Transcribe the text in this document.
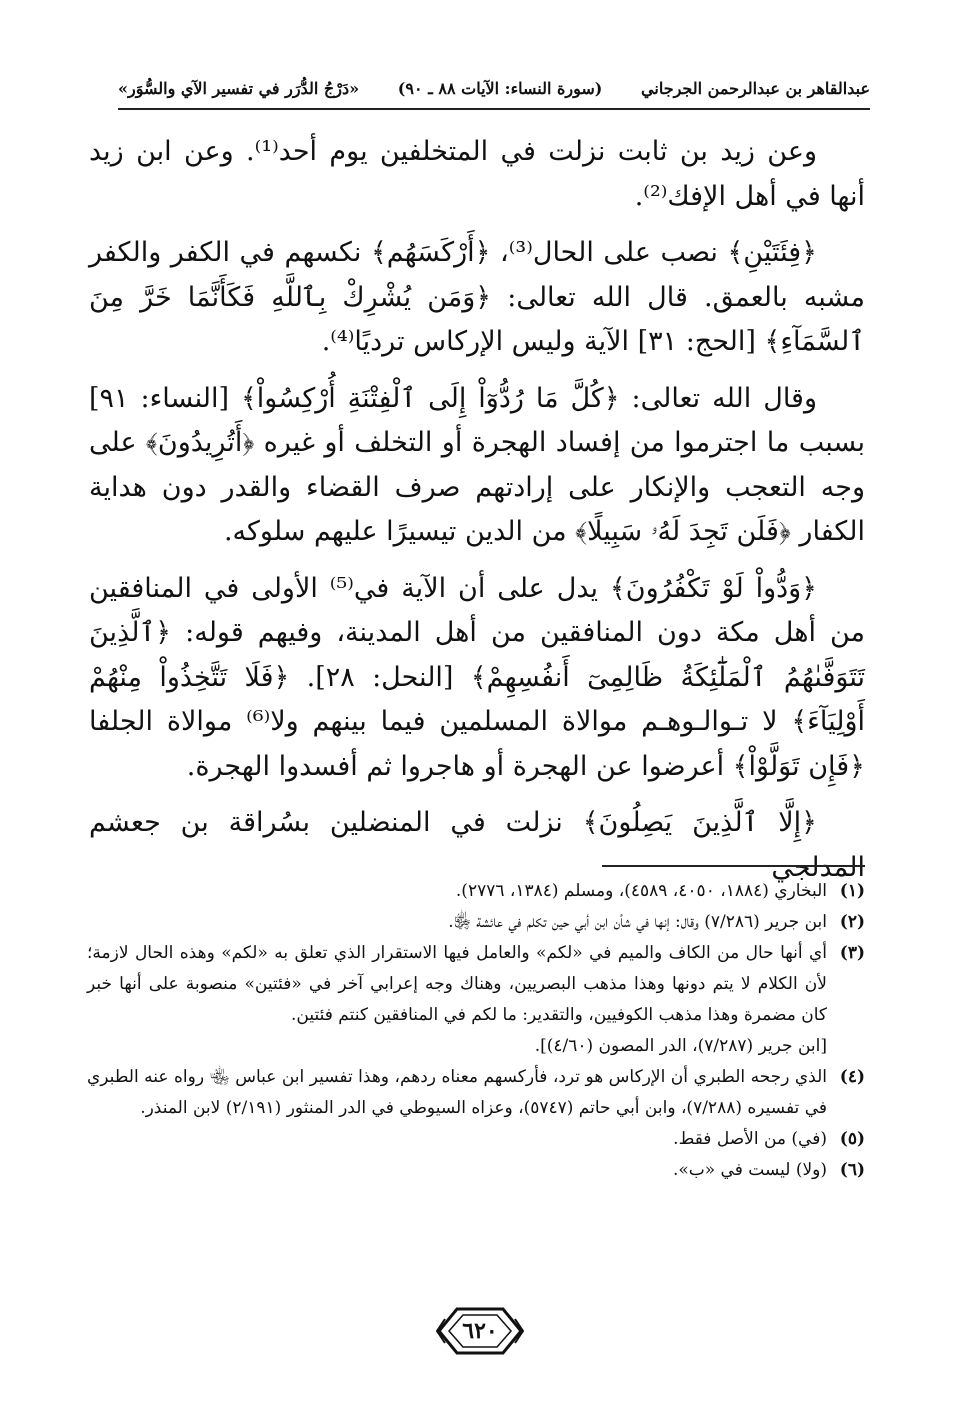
عبدالقاهر بن عبدالرحمن الجرجاني
(سورة النساء: الآيات ٨٨ ـ ٩٠)
«دَرْجُ الدُّرَر في تفسير الآي والسُّوَر»

وعن زيد بن ثابت نزلت في المتخلفين يوم أحد⁽¹⁾. وعن ابن زيد أنها في أهل الإفك⁽²⁾.

﴿فِئَتَيْنِ﴾ نصب على الحال⁽³⁾، ﴿أَرْكَسَهُم﴾ نكسهم في الكفر والكفر مشبه بالعمق. قال الله تعالى: ﴿وَمَن يُشْرِكْ بِٱللَّهِ فَكَأَنَّمَا خَرَّ مِنَ ٱلسَّمَآءِ﴾ [الحج: ٣١] الآية وليس الإركاس ترديًا⁽⁴⁾.

وقال الله تعالى: ﴿كُلَّ مَا رُدُّوٓاْ إِلَى ٱلْفِتْنَةِ أُرْكِسُواْ﴾ [النساء: ٩١] بسبب ما اجترموا من إفساد الهجرة أو التخلف أو غيره ﴿أَتُرِيدُونَ﴾ على وجه التعجب والإنكار على إرادتهم صرف القضاء والقدر دون هداية الكفار ﴿فَلَن تَجِدَ لَهُۥ سَبِيلًا﴾ من الدين تيسيرًا عليهم سلوكه.

﴿وَدُّواْ لَوْ تَكْفُرُونَ﴾ يدل على أن الآية في⁽⁵⁾ الأولى في المنافقين من أهل مكة دون المنافقين من أهل المدينة، وفيهم قوله: ﴿ٱلَّذِينَ تَتَوَفَّىٰهُمُ ٱلْمَلَٰٓئِكَةُ ظَالِمِىٓ أَنفُسِهِمْ﴾ [النحل: ٢٨]. ﴿فَلَا تَتَّخِذُواْ مِنْهُمْ أَوْلِيَآءَ﴾ لا تـوالـوهـم موالاة المسلمين فيما بينهم ولا⁽⁶⁾ موالاة الجلفا ﴿فَإِن تَوَلَّوْاْ﴾ أعرضوا عن الهجرة أو هاجروا ثم أفسدوا الهجرة.

﴿إِلَّا ٱلَّذِينَ يَصِلُونَ﴾ نزلت في المنضلين بسُراقة بن جعشم المدلجي

(١)
البخاري (١٨٨٤، ٤٠٥٠، ٤٥٨٩)، ومسلم (١٣٨٤، ٢٧٧٦).
(٢)
ابن جرير (٧/٢٨٦) وقال: إنها في شأن ابن أبي حين تكلم في عائشة ﵂.
(٣)
أي أنها حال من الكاف والميم في «لكم» والعامل فيها الاستقرار الذي تعلق به «لكم» وهذه الحال لازمة؛ لأن الكلام لا يتم دونها وهذا مذهب البصريين، وهناك وجه إعرابي آخر في «فئتين» منصوبة على أنها خبر كان مضمرة وهذا مذهب الكوفيين، والتقدير: ما لكم في المنافقين كنتم فئتين.
[ابن جرير (٧/٢٨٧)، الدر المصون (٤/٦٠)].
(٤)
الذي رجحه الطبري أن الإركاس هو ترد، فأركسهم معناه ردهم، وهذا تفسير ابن عباس ﵄ رواه عنه الطبري في تفسيره (٧/٢٨٨)، وابن أبي حاتم (٥٧٤٧)، وعزاه السيوطي في الدر المنثور (٢/١٩١) لابن المنذر.
(٥)
(في) من الأصل فقط.
(٦)
(ولا) ليست في «ب».
٦٢٠
